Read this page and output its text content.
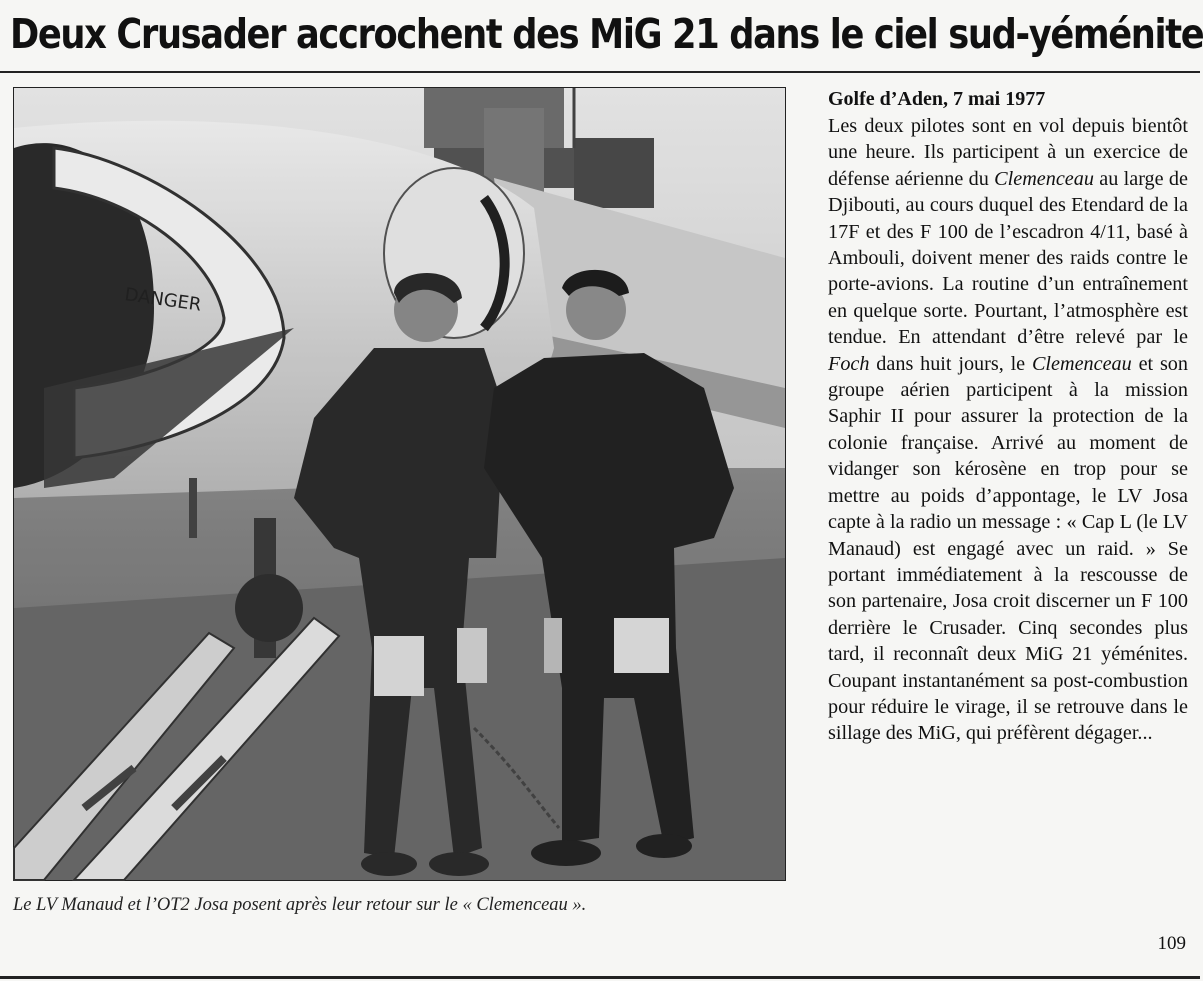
Deux Crusader accrochent des MiG 21 dans le ciel sud-yéménite
DANGER
Le LV Manaud et l’OT2 Josa posent après leur retour sur le « Clemenceau ».

Golfe d’Aden, 7 mai 1977

Les deux pilotes sont en vol depuis bientôt une heure. Ils participent à un exercice de défense aérienne du Clemenceau au large de Djibouti, au cours duquel des Etendard de la 17F et des F 100 de l’escadron 4/11, basé à Ambouli, doivent mener des raids contre le porte-avions. La routine d’un entraînement en quelque sorte. Pourtant, l’atmosphère est tendue. En attendant d’être relevé par le Foch dans huit jours, le Clemenceau et son groupe aérien participent à la mission Saphir II pour assurer la protection de la colonie française. Arrivé au moment de vidanger son kérosène en trop pour se mettre au poids d’appontage, le LV Josa capte à la radio un message : « Cap L (le LV Manaud) est engagé avec un raid. » Se portant immédiatement à la rescousse de son partenaire, Josa croit discerner un F 100 derrière le Crusader. Cinq secondes plus tard, il reconnaît deux MiG 21 yéménites. Coupant instantanément sa post-combustion pour réduire le virage, il se retrouve dans le sillage des MiG, qui préfèrent dégager...

109
